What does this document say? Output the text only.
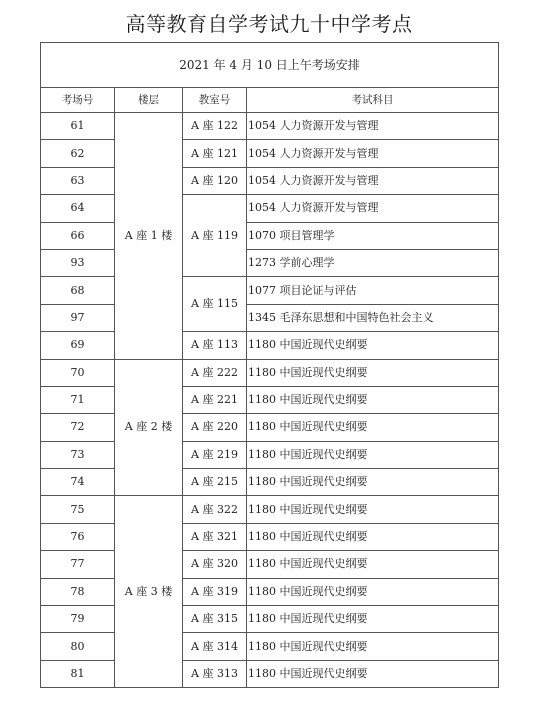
高等教育自学考试九十中学考点
2021 年 4 月 10 日上午考场安排			
考场号	楼层	教室号	考试科目
61	A 座 1 楼	A 座 122	1054 人力资源开发与管理
62		A 座 121	1054 人力资源开发与管理
63		A 座 120	1054 人力资源开发与管理
64		A 座 119	1054 人力资源开发与管理
66			1070 项目管理学
93			1273 学前心理学
68		A 座 115	1077 项目论证与评估
97			1345 毛泽东思想和中国特色社会主义
69		A 座 113	1180 中国近现代史纲要
70	A 座 2 楼	A 座 222	1180 中国近现代史纲要
71		A 座 221	1180 中国近现代史纲要
72		A 座 220	1180 中国近现代史纲要
73		A 座 219	1180 中国近现代史纲要
74		A 座 215	1180 中国近现代史纲要
75	A 座 3 楼	A 座 322	1180 中国近现代史纲要
76		A 座 321	1180 中国近现代史纲要
77		A 座 320	1180 中国近现代史纲要
78		A 座 319	1180 中国近现代史纲要
79		A 座 315	1180 中国近现代史纲要
80		A 座 314	1180 中国近现代史纲要
81		A 座 313	1180 中国近现代史纲要
